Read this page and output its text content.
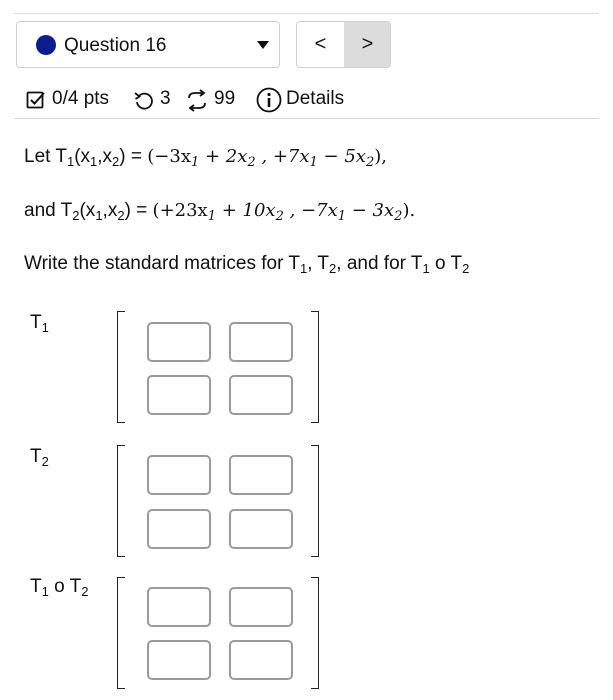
Question 16	<	>
0/4 pts	3 99	Details
Let $T_1(x_1,x_2) = (-3x_1 + 2x_2$ , $+7x_1 - 5x_2$),
and $T_2(x_1,x_2) = (+23x_1 + 10x_2$ , $-7x_1 - 3x_2$).
Write the standard matrices for $T_1$, $T_2$, and for $T_1$ o $T_2$
$T_1$
$T_2$
$T_1$ o $T_2$
